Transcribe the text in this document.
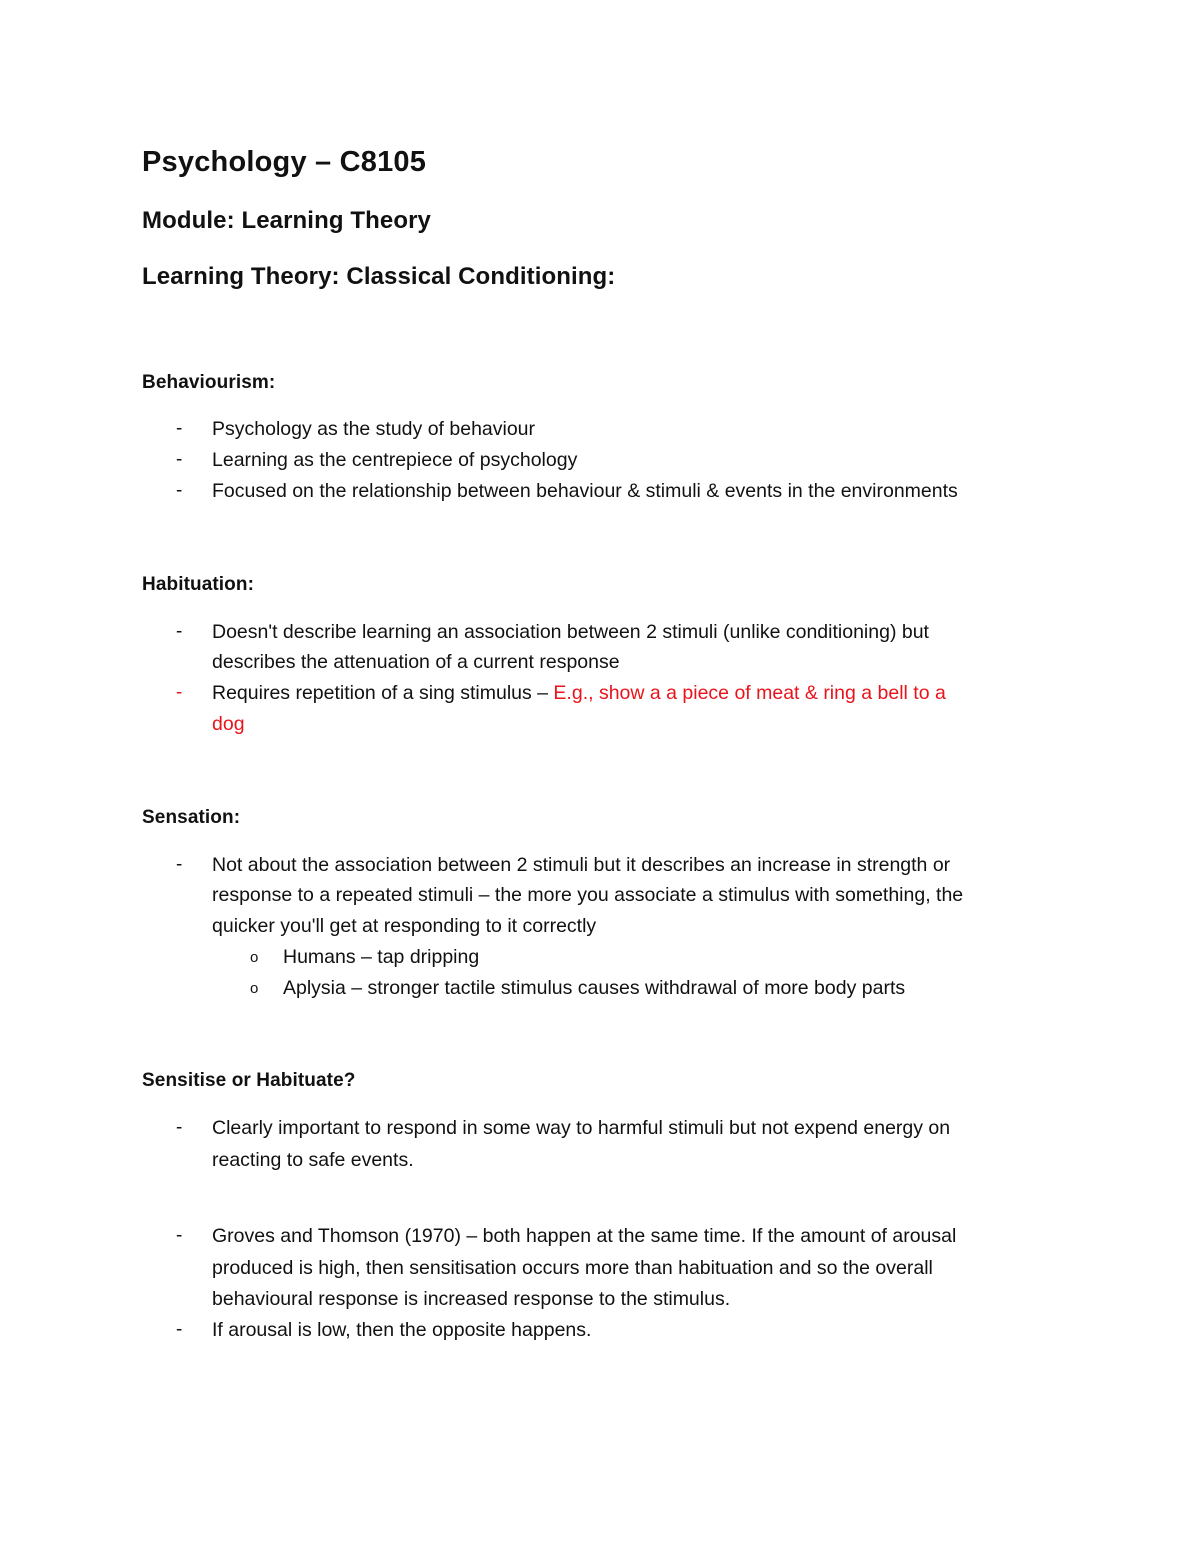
Psychology – C8105
Module: Learning Theory
Learning Theory: Classical Conditioning:
Behaviourism:
- Psychology as the study of behaviour
- Learning as the centrepiece of psychology
- Focused on the relationship between behaviour & stimuli & events in the environments
Habituation:
- Doesn't describe learning an association between 2 stimuli (unlike conditioning) but
describes the attenuation of a current response
- Requires repetition of a sing stimulus – E.g., show a a piece of meat & ring a bell to a
dog
Sensation:
- Not about the association between 2 stimuli but it describes an increase in strength or
response to a repeated stimuli – the more you associate a stimulus with something, the
quicker you'll get at responding to it correctly
o Humans – tap dripping
o Aplysia – stronger tactile stimulus causes withdrawal of more body parts
Sensitise or Habituate?
- Clearly important to respond in some way to harmful stimuli but not expend energy on
reacting to safe events.
- Groves and Thomson (1970) – both happen at the same time. If the amount of arousal
produced is high, then sensitisation occurs more than habituation and so the overall
behavioural response is increased response to the stimulus.
- If arousal is low, then the opposite happens.
